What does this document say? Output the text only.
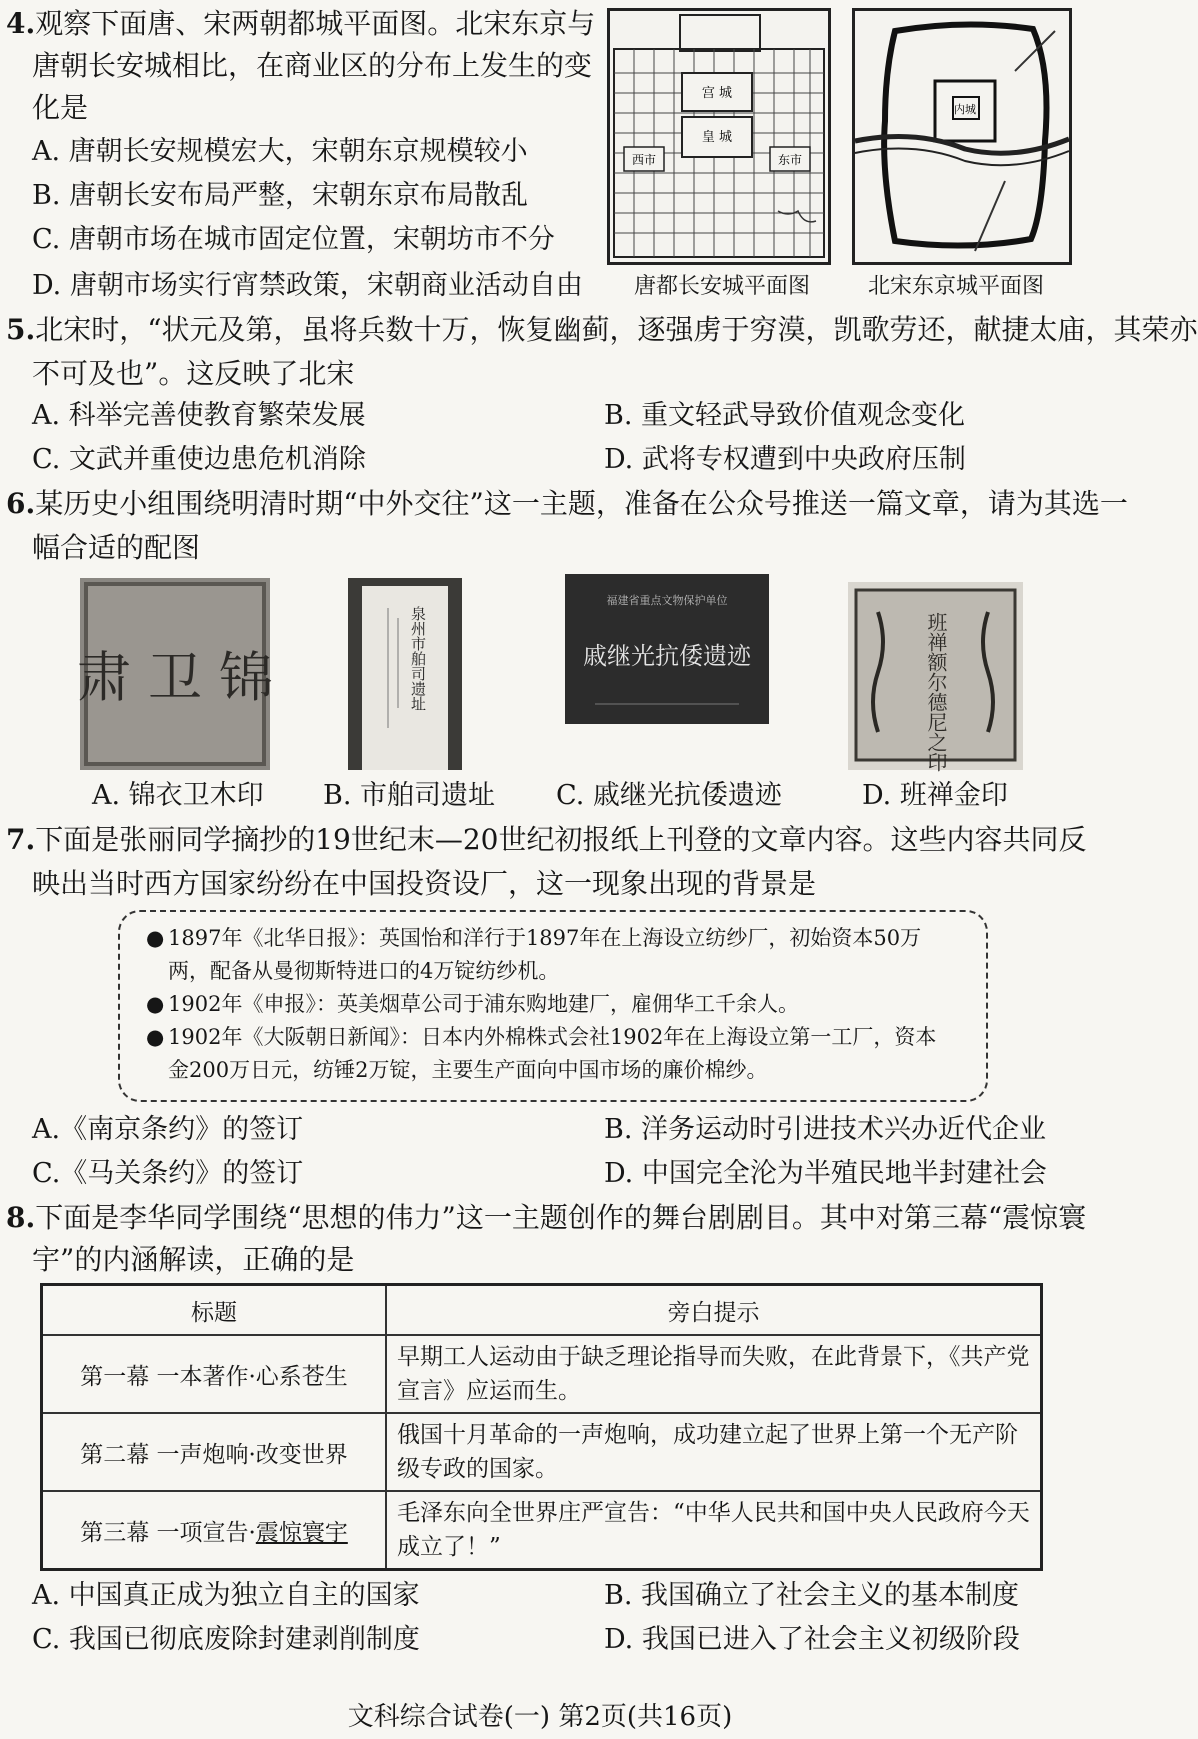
4.观察下面唐、宋两朝都城平面图。北宋东京与
唐朝长安城相比，在商业区的分布上发生的变
化是
A. 唐朝长安规模宏大，宋朝东京规模较小
B. 唐朝长安布局严整，宋朝东京布局散乱
C. 唐朝市场在城市固定位置，宋朝坊市不分
D. 唐朝市场实行宵禁政策，宋朝商业活动自由
宫 城
皇 城
西市	东市
唐都长安城平面图
内城
北宋东京城平面图
5.北宋时，“状元及第，虽将兵数十万，恢复幽蓟，逐强虏于穷漠，凯歌劳还，献捷太庙，其荣亦
不可及也”。这反映了北宋
A. 科举完善使教育繁荣发展	B. 重文轻武导致价值观念变化
C. 文武并重使边患危机消除	D. 武将专权遭到中央政府压制
6.某历史小组围绕明清时期“中外交往”这一主题，准备在公众号推送一篇文章，请为其选一
幅合适的配图
肃 卫 锦
A. 锦衣卫木印
泉州市舶司遗址
B. 市舶司遗址
福建省重点文物保护单位
戚继光抗倭遗迹
C. 戚继光抗倭遗迹
班禅额尔德尼之印
D. 班禅金印
7.下面是张丽同学摘抄的19世纪末—20世纪初报纸上刊登的文章内容。这些内容共同反
映出当时西方国家纷纷在中国投资设厂，这一现象出现的背景是
● 1897年《北华日报》：英国怡和洋行于1897年在上海设立纺纱厂，初始资本50万
两，配备从曼彻斯特进口的4万锭纺纱机。
● 1902年《申报》：英美烟草公司于浦东购地建厂，雇佣华工千余人。
● 1902年《大阪朝日新闻》：日本内外棉株式会社1902年在上海设立第一工厂，资本
金200万日元，纺锤2万锭，主要生产面向中国市场的廉价棉纱。
A.《南京条约》的签订	B. 洋务运动时引进技术兴办近代企业
C.《马关条约》的签订	D. 中国完全沦为半殖民地半封建社会
8.下面是李华同学围绕“思想的伟力”这一主题创作的舞台剧剧目。其中对第三幕“震惊寰
宇”的内涵解读，正确的是
标题	旁白提示
第一幕 一本著作·心系苍生	早期工人运动由于缺乏理论指导而失败，在此背景下，《共产党宣言》应运而生。
第二幕 一声炮响·改变世界	俄国十月革命的一声炮响，成功建立起了世界上第一个无产阶级专政的国家。
第三幕 一项宣告·震惊寰宇	毛泽东向全世界庄严宣告：“中华人民共和国中央人民政府今天成立了！”
A. 中国真正成为独立自主的国家	B. 我国确立了社会主义的基本制度
C. 我国已彻底废除封建剥削制度	D. 我国已进入了社会主义初级阶段
文科综合试卷(一) 第2页(共16页)
